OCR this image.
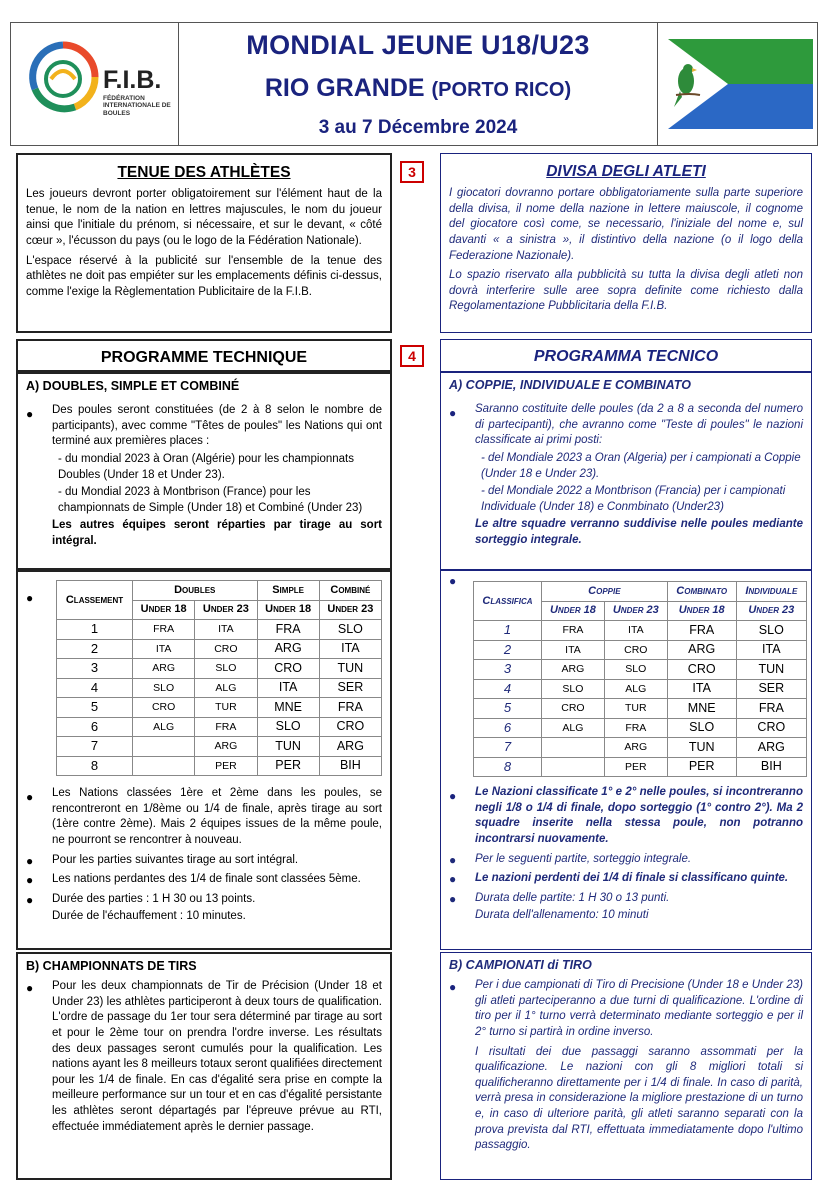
F.I.B.
FÉDÉRATION INTERNATIONALE DE BOULES
MONDIAL JEUNE U18/U23
RIO GRANDE (PORTO RICO)
3 au 7 Décembre 2024
TENUE DES ATHLÈTES

Les joueurs devront porter obligatoirement sur l'élément haut de la tenue, le nom de la nation en lettres majuscules, le nom du joueur ainsi que l'initiale du prénom, si nécessaire, et sur le devant, « côté cœur », l'écusson du pays (ou le logo de la Fédération Nationale).

L'espace réservé à la publicité sur l'ensemble de la tenue des athlètes ne doit pas empiéter sur les emplacements définis ci-dessus, comme l'exige la Règlementation Publicitaire de la F.I.B.

3	DIVISA DEGLI ATLETI

I giocatori dovranno portare obbligatoriamente sulla parte superiore della divisa, il nome della nazione in lettere maiuscole, il cognome del giocatore così come, se necessario, l'iniziale del nome e, sul davanti « a sinistra », il distintivo della nazione (o il logo della Federazione Nazionale).

Lo spazio riservato alla pubblicità su tutta la divisa degli atleti non dovrà interferire sulle aree sopra definite come richiesto dalla Regolamentazione Pubblicitaria della F.I.B.

PROGRAMME TECHNIQUE	4	PROGRAMMA TECNICO
A) DOUBLES, SIMPLE ET COMBINÉ
●	Des poules seront constituées (de 2 à 8 selon le nombre de participants), avec comme "Têtes de poules" les Nations qui ont terminé aux premières places :

- du mondial 2023 à Oran (Algérie) pour les championnats Doubles (Under 18 et Under 23).
- du Mondial 2023 à Montbrison (France) pour les championnats de Simple (Under 18) et Combiné (Under 23)

Les autres équipes seront réparties par tirage au sort intégral.

A) COPPIE, INDIVIDUALE E COMBINATO
●	Saranno costituite delle poules (da 2 a 8 a seconda del numero di partecipanti), che avranno come "Teste di poules" le nazioni classificate ai primi posti:

- del Mondiale 2023 a Oran (Algeria) per i campionati a Coppie (Under 18 e Under 23).
- del Mondiale 2022 a Montbrison (Francia) per i campionati Individuale (Under 18) e Conmbinato (Under23)

Le altre squadre verranno suddivise nelle poules mediante sorteggio integrale.

●	Classement	Doubles		Simple	Combiné
	Under 18	Under 23	Under 18	Under 23
1	FRA	ITA	FRA	SLO
2	ITA	CRO	ARG	ITA
3	ARG	SLO	CRO	TUN
4	SLO	ALG	ITA	SER
5	CRO	TUR	MNE	FRA
6	ALG	FRA	SLO	CRO
7		ARG	TUN	ARG
8		PER	PER	BIH
●	Les Nations classées 1ère et 2ème dans les poules, se rencontreront en 1/8ème ou 1/4 de finale, après tirage au sort (1ère contre 2ème). Mais 2 équipes issues de la même poule, ne pourront se rencontrer à nouveau.

● Pour les parties suivantes tirage au sort intégral.
● Les nations perdantes des 1/4 de finale sont classées 5ème.
● Durée des parties : 1 H 30 ou 13 points.
Durée de l'échauffement : 10 minutes.
●
Classifica	Coppie		Combinato	Individuale
	Under 18	Under 23	Under 18	Under 23
1	FRA	ITA	FRA	SLO
2	ITA	CRO	ARG	ITA
3	ARG	SLO	CRO	TUN
4	SLO	ALG	ITA	SER
5	CRO	TUR	MNE	FRA
6	ALG	FRA	SLO	CRO
7		ARG	TUN	ARG
8		PER	PER	BIH
●	Le Nazioni classificate 1° e 2° nelle poules, si incontreranno negli 1/8 o 1/4 di finale, dopo sorteggio (1° contro 2°). Ma 2 squadre inserite nella stessa poule, non potranno incontrarsi nuovamente.

● Per le seguenti partite, sorteggio integrale.
● Le nazioni perdenti dei 1/4 di finale si classificano quinte.
● Durata delle partite: 1 H 30 o 13 punti.
Durata dell'allenamento: 10 minuti
B) CHAMPIONNATS DE TIRS
●	Pour les deux championnats de Tir de Précision (Under 18 et Under 23) les athlètes participeront à deux tours de qualification. L'ordre de passage du 1er tour sera déterminé par tirage au sort et pour le 2ème tour on prendra l'ordre inverse. Les résultats des deux passages seront cumulés pour la qualification. Les nations ayant les 8 meilleurs totaux seront qualifiées directement pour les 1/4 de finale. En cas d'égalité sera prise en compte la meilleure performance sur un tour et en cas d'égalité persistante les athlètes seront départagés par l'épreuve prévue au RTI, effectuée immédiatement après le dernier passage.

B) CAMPIONATI di TIRO
●	Per i due campionati di Tiro di Precisione (Under 18 e Under 23) gli atleti parteciperanno a due turni di qualificazione. L'ordine di tiro per il 1° turno verrà determinato mediante sorteggio e per il 2° turno si partirà in ordine inverso.

I risultati dei due passaggi saranno assommati per la qualificazione. Le nazioni con gli 8 migliori totali si qualificheranno direttamente per i 1/4 di finale. In caso di parità, verrà presa in considerazione la migliore prestazione di un turno e, in caso di ulteriore parità, gli atleti saranno separati con la prova prevista dal RTI, effettuata immediatamente dopo l'ultimo passaggio.
